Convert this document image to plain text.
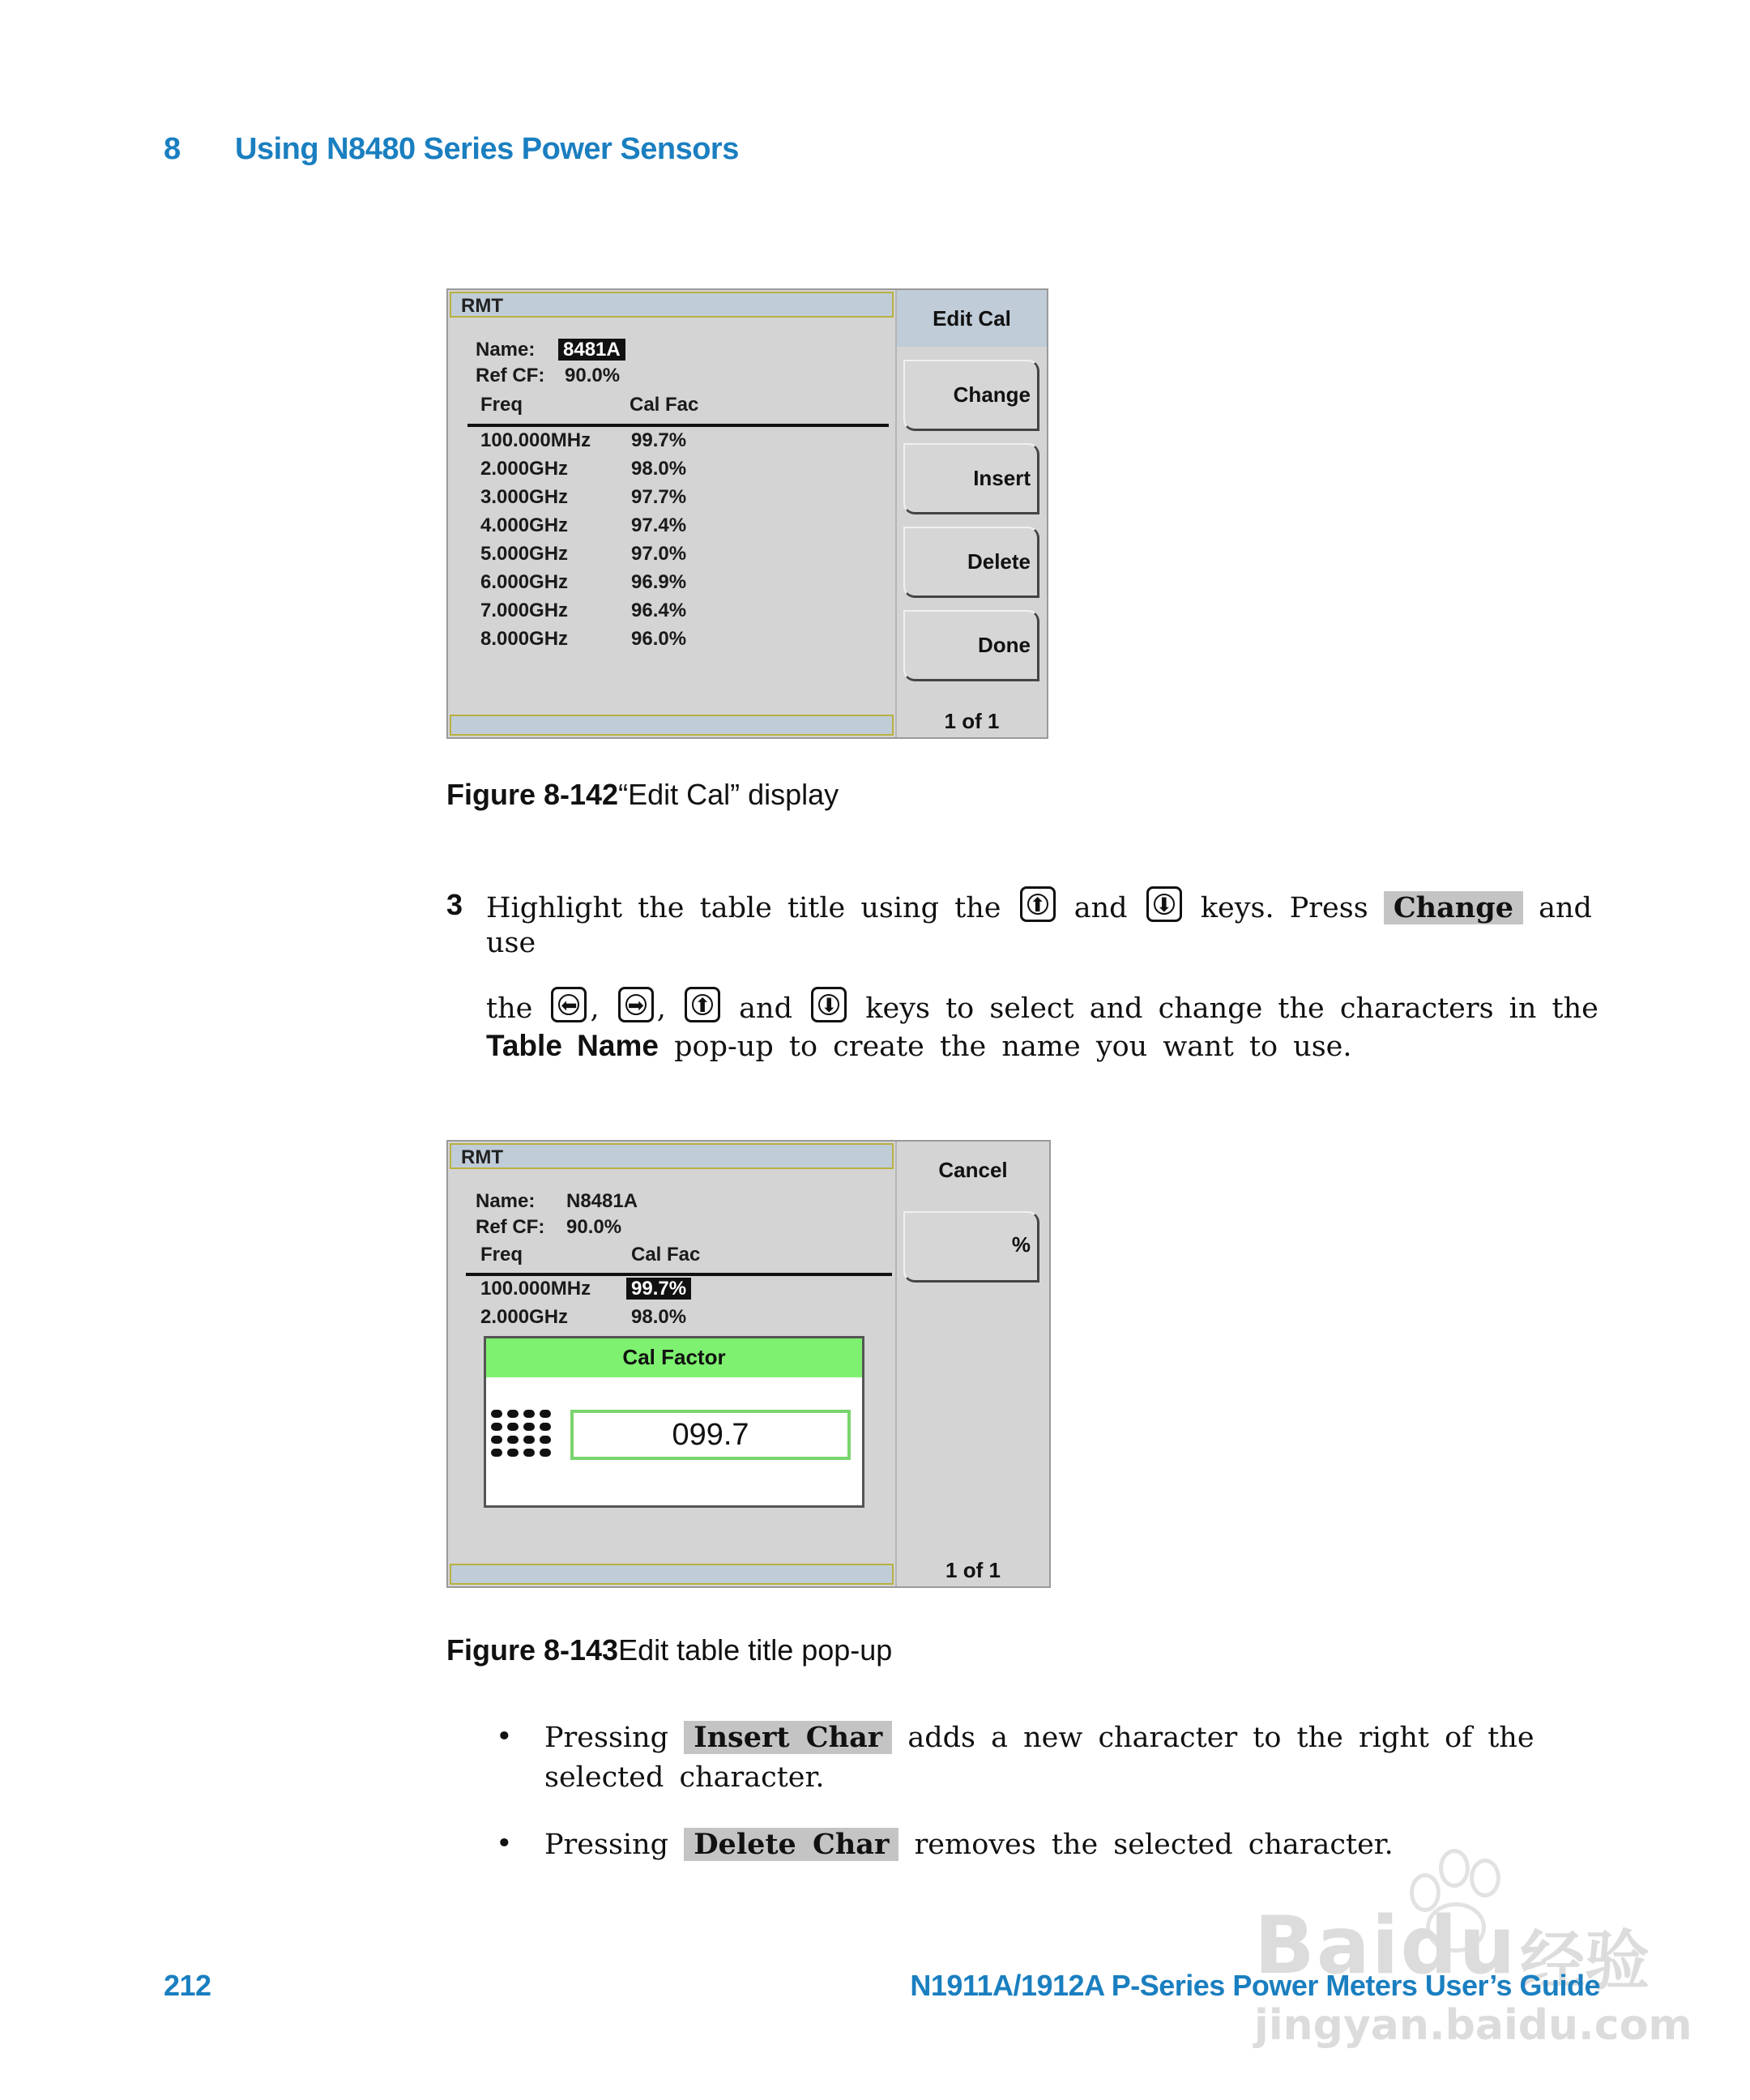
8 Using N8480 Series Power Sensors
RMT
Name: 8481A
Ref CF: 90.0%
Freq	Cal Fac
100.000MHz 99.7%
2.000GHz	98.0%
3.000GHz	97.7%
4.000GHz	97.4%
5.000GHz	97.0%
6.000GHz	96.9%
7.000GHz	96.4%
8.000GHz	96.0%
Edit Cal
Change
Insert
Delete
Done
1 of 1
Figure 8-142“Edit Cal” display
3 Highlight the table title using the	⬆ and	⬇ keys. Press Change and
use
the	⬅ ,	➡ ,	⬆ and	⬇ keys to select and change the characters in the
Table Name pop-up to create the name you want to use.
RMT
Name: N8481A
Ref CF: 90.0%
Freq	Cal Fac
100.000MHz 99.7%
2.000GHz	98.0%
Cal Factor
099.7
Cancel
%
1 of 1
Figure 8-143Edit table title pop-up
• Pressing Insert Char adds a new character to the right of the
selected character.
• Pressing Delete Char removes the selected character.
Baidu 经验
212	N1911A/1912A P-Series Power Meters User’s Guide
jingyan.baidu.com
